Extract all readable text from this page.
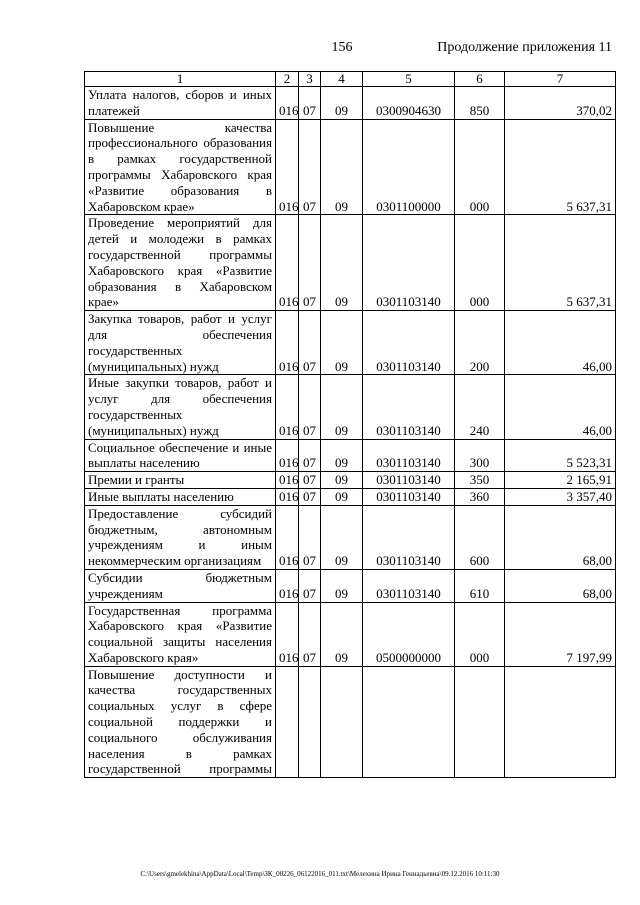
156	Продолжение приложения 11
1	2	3	4	5	6	7
Уплата налогов, сборов и иных платежей	016	07	09	0300904630	850	370,02
Повышение качества профессионального образования в рамках государственной программы Хабаровского края «Развитие образования в Хабаровском крае»	016	07	09	0301100000	000	5 637,31
Проведение мероприятий для детей и молодежи в рамках государственной программы Хабаровского края «Развитие образования в Хабаровском крае»	016	07	09	0301103140	000	5 637,31
Закупка товаров, работ и услуг для обеспечения государственных (муниципальных) нужд	016	07	09	0301103140	200	46,00
Иные закупки товаров, работ и услуг для обеспечения государственных (муниципальных) нужд	016	07	09	0301103140	240	46,00
Социальное обеспечение и иные выплаты населению	016	07	09	0301103140	300	5 523,31
Премии и гранты	016	07	09	0301103140	350	2 165,91
Иные выплаты населению	016	07	09	0301103140	360	3 357,40
Предоставление субсидий бюджетным, автономным учреждениям и иным некоммерческим организациям	016	07	09	0301103140	600	68,00
Субсидии бюджетным учреждениям	016	07	09	0301103140	610	68,00
Государственная программа Хабаровского края «Развитие социальной защиты населения Хабаровского края»	016	07	09	0500000000	000	7 197,99
Повышение доступности и качества государственных социальных услуг в сфере социальной поддержки и социального обслуживания населения в рамках государственной программы						
C:\Users\gmelekhina\AppData\Local\Temp\ЗК_00226_06122016_011.txt\Мелехина Ирина Геннадьевна\09.12.2016 10:11:30
